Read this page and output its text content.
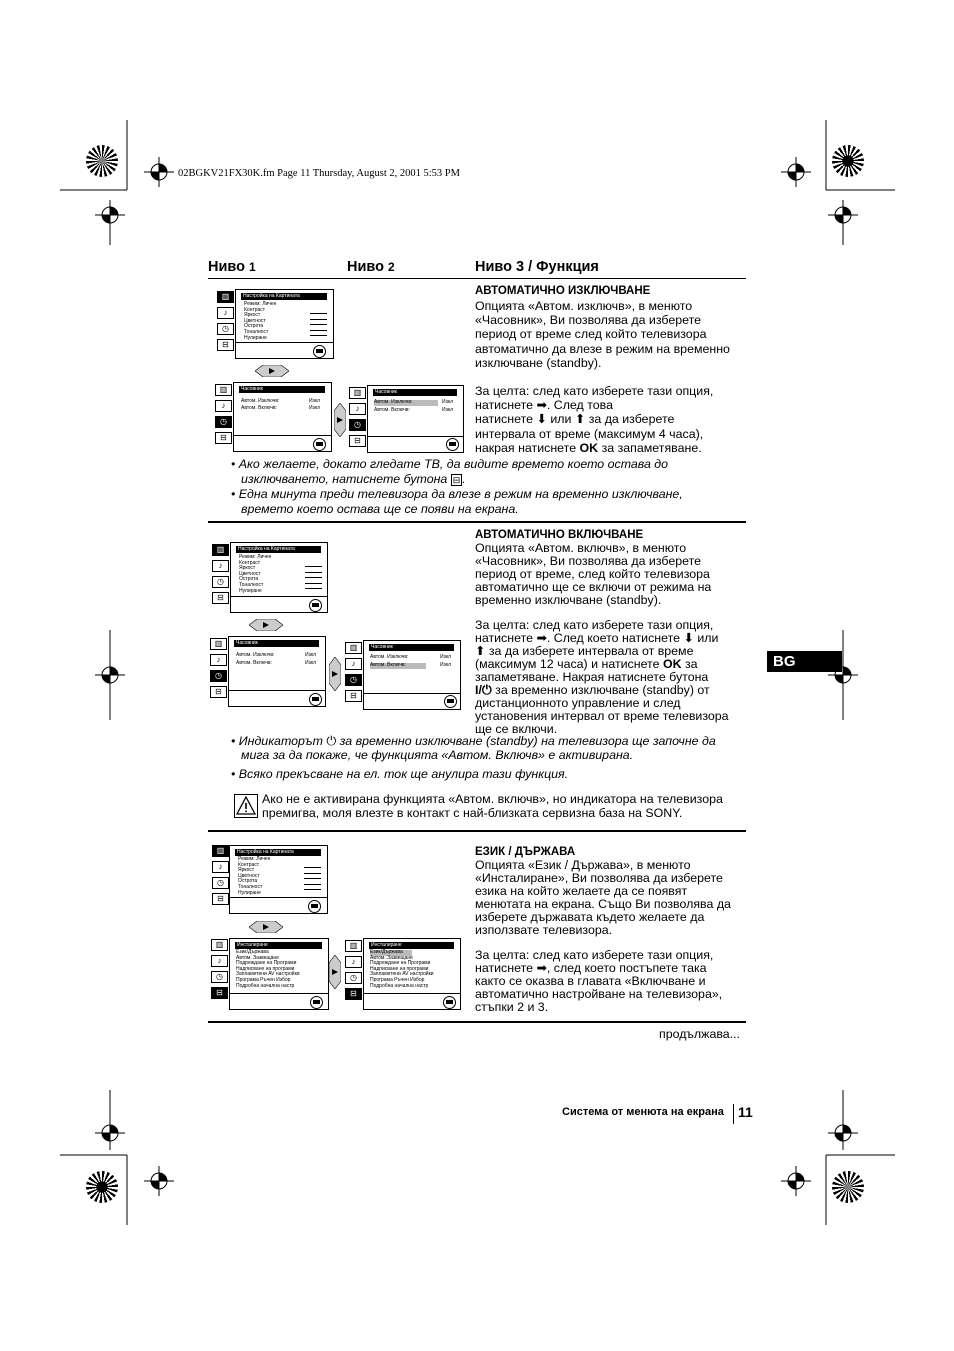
02BGKV21FX30K.fm Page 11 Thursday, August 2, 2001 5:53 PM
Ниво 1	Ниво 2	Ниво 3 / Функция
▥
♪
◷
⊟
Настройка на Картината
Режим: Личен
Контраст
Яркост
Цветност
Острота
Тоналност
Нулиране
▥
♪
◷
⊟
Часовник
Автом. Изключв:	Изкл
Автом. Включв:	Изкл
▥
♪
◷
⊟
Часовник
Автом. Изключв:	Изкл
Автом. Включв:	Изкл
АВТОМАТИЧНО ИЗКЛЮЧВАНЕ

Опцията «Автом. изключв», в менюто

«Часовник», Ви позволява да изберете

период от време след който телевизора

автоматично да влезе в режим на временно

изключване (standby).

За целта: след като изберете тази опция,

натиснете ➡. След това

натиснете ⬇ или ⬆ за да изберете

интервала от време (максимум 4 часа),

накрая натиснете OK за запаметяване.

• Ако желаете, докато гледате ТВ, да видите времето което остава до
изключването, натиснете бутона ⊟ .
• Една минута преди телевизора да влезе в режим на временно изключване,
времето което остава ще се появи на екрана.
▥
♪
◷
⊟
Настройка на Картината
Режим: Личен
Контраст
Яркост
Цветност
Острота
Тоналност
Нулиране
▥
♪
◷
⊟
Часовник
Автом. Изключв:	Изкл
Автом. Включв:	Изкл
▥
♪
◷
⊟
Часовник
Автом. Изключв:	Изкл
Автом. Включв:	Изкл
АВТОМАТИЧНО ВКЛЮЧВАНЕ

Опцията «Автом. включв», в менюто

«Часовник», Ви позволява да изберете

период от време, след който телевизора

автоматично ще се включи от режима на

временно изключване (standby).

За целта: след като изберете тази опция,

натиснете ➡. След което натиснете ⬇ или

⬆ за да изберете интервала от време

(максимум 12 часа) и натиснете OK за

запаметяване. Накрая натиснете бутона

I/⏻ за временно изключване (standby) от

дистанционното управление и след

установения интервал от време телевизора

ще се включи.

• Индикаторът ⏻ за временно изключване (standby) на телевизора ще започне да
мига за да покаже, че функцията «Автом. Включв» е активирана.
• Всяко прекъсване на ел. ток ще анулира тази функция.
Ако не е активирана функцията «Автом. включв», но индикатора на телевизора
премигва, моля влезте в контакт с най-близката сервизна база на SONY.
▥
♪
◷
⊟
Настройка на Картината
Режим: Личен
Контраст
Яркост
Цветност
Острота
Тоналност
Нулиране
▥
♪
◷
⊟
Инсталиране
Език/Държава
Автом. Зазвещане
Подреждане на Програми
Надписване на програми
Запламетени AV настройки
Програма Ръчен Избор
Подробна начална настр
▥
♪
◷
⊟
Инсталиране
Език/Държава
Автом. Зазвещане
Подреждане на Програми
Надписване на програми
Запламетени AV настройки
Програма Ръчен Избор
Подробна начална настр
ЕЗИК / ДЪРЖАВА

Опцията «Език / Държава», в менюто

«Инсталиране», Ви позволява да изберете

езика на който желаете да се появят

менютата на екрана. Също Ви позволява да

изберете държавата където желаете да

използвате телевизора.

За целта: след като изберете тази опция,

натиснете ➡, след което постъпете така

както се оказва в главата «Включване и

автоматично настройване на телевизора»,

стъпки 2 и 3.

продължава...
BG
Система от менюта на екрана 11
